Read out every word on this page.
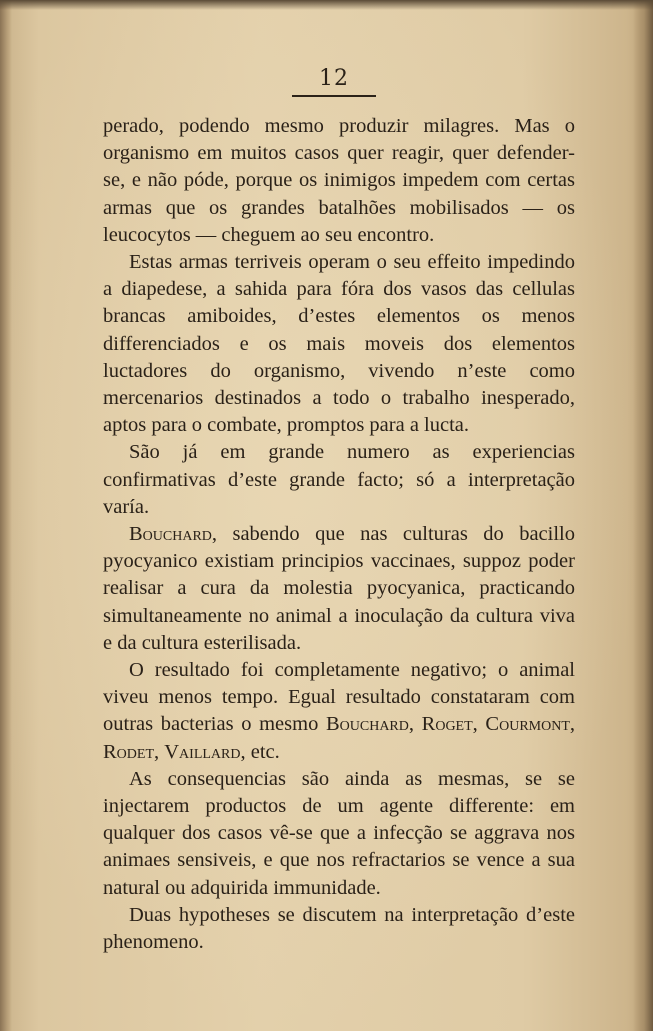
12

perado, podendo mesmo produzir milagres. Mas o organismo em muitos casos quer reagir, quer defender-se, e não póde, porque os inimigos impedem com certas armas que os grandes batalhões mobilisados — os leucocytos — cheguem ao seu encontro.

Estas armas terriveis operam o seu effeito impedindo a diapedese, a sahida para fóra dos vasos das cellulas brancas amiboides, d’estes elementos os menos differenciados e os mais moveis dos elementos luctadores do organismo, vivendo n’este como mercenarios destinados a todo o trabalho inesperado, aptos para o combate, promptos para a lucta.

São já em grande numero as experiencias confirmativas d’este grande facto; só a interpretação varía.

Bouchard, sabendo que nas culturas do bacillo pyocyanico existiam principios vaccinaes, suppoz poder realisar a cura da molestia pyocyanica, practicando simultaneamente no animal a inoculação da cultura viva e da cultura esterilisada.

O resultado foi completamente negativo; o animal viveu menos tempo. Egual resultado constataram com outras bacterias o mesmo Bouchard, Roget, Courmont, Rodet, Vaillard, etc.

As consequencias são ainda as mesmas, se se injectarem productos de um agente differente: em qualquer dos casos vê-se que a infecção se aggrava nos animaes sensiveis, e que nos refractarios se vence a sua natural ou adquirida immunidade.

Duas hypotheses se discutem na interpretação d’este phenomeno.
